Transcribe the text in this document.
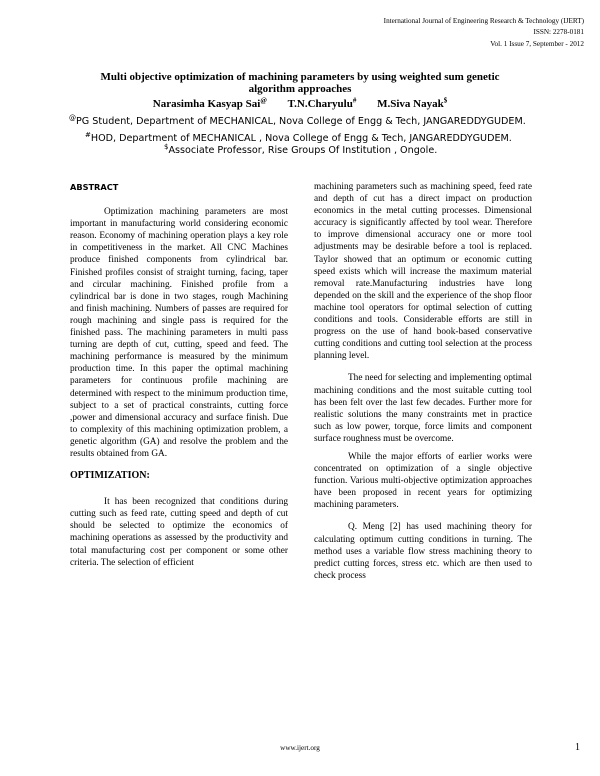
International Journal of Engineering Research & Technology (IJERT)
ISSN: 2278-0181
Vol. 1 Issue 7, September - 2012
Multi objective optimization of machining parameters by using weighted sum genetic algorithm approaches
Narasimha Kasyap Sai@ T.N.Charyulu# M.Siva Nayak$
@PG Student, Department of MECHANICAL, Nova College of Engg & Tech, JANGAREDDYGUDEM.
#HOD, Department of MECHANICAL , Nova College of Engg & Tech, JANGAREDDYGUDEM.
$Associate Professor, Rise Groups Of Institution , Ongole.

ABSTRACT

Optimization machining parameters are most important in manufacturing world considering economic reason. Economy of machining operation plays a key role in competitiveness in the market. All CNC Machines produce finished components from cylindrical bar. Finished profiles consist of straight turning, facing, taper and circular machining. Finished profile from a cylindrical bar is done in two stages, rough Machining and finish machining. Numbers of passes are required for rough machining and single pass is required for the finished pass. The machining parameters in multi pass turning are depth of cut, cutting, speed and feed. The machining performance is measured by the minimum production time. In this paper the optimal machining parameters for continuous profile machining are determined with respect to the minimum production time, subject to a set of practical constraints, cutting force ,power and dimensional accuracy and surface finish. Due to complexity of this machining optimization problem, a genetic algorithm (GA) and resolve the problem and the results obtained from GA.

OPTIMIZATION:

It has been recognized that conditions during cutting such as feed rate, cutting speed and depth of cut should be selected to optimize the economics of machining operations as assessed by the productivity and total manufacturing cost per component or some other criteria. The selection of efficient

machining parameters such as machining speed, feed rate and depth of cut has a direct impact on production economics in the metal cutting processes. Dimensional accuracy is significantly affected by tool wear. Therefore to improve dimensional accuracy one or more tool adjustments may be desirable before a tool is replaced. Taylor showed that an optimum or economic cutting speed exists which will increase the maximum material removal rate.Manufacturing industries have long depended on the skill and the experience of the shop floor machine tool operators for optimal selection of cutting conditions and tools. Considerable efforts are still in progress on the use of hand book-based conservative cutting conditions and cutting tool selection at the process planning level.

The need for selecting and implementing optimal machining conditions and the most suitable cutting tool has been felt over the last few decades. Further more for realistic solutions the many constraints met in practice such as low power, torque, force limits and component surface roughness must be overcome.

While the major efforts of earlier works were concentrated on optimization of a single objective function. Various multi-objective optimization approaches have been proposed in recent years for optimizing machining parameters.

Q. Meng [2] has used machining theory for calculating optimum cutting conditions in turning. The method uses a variable flow stress machining theory to predict cutting forces, stress etc. which are then used to check process

www.ijert.org	1
